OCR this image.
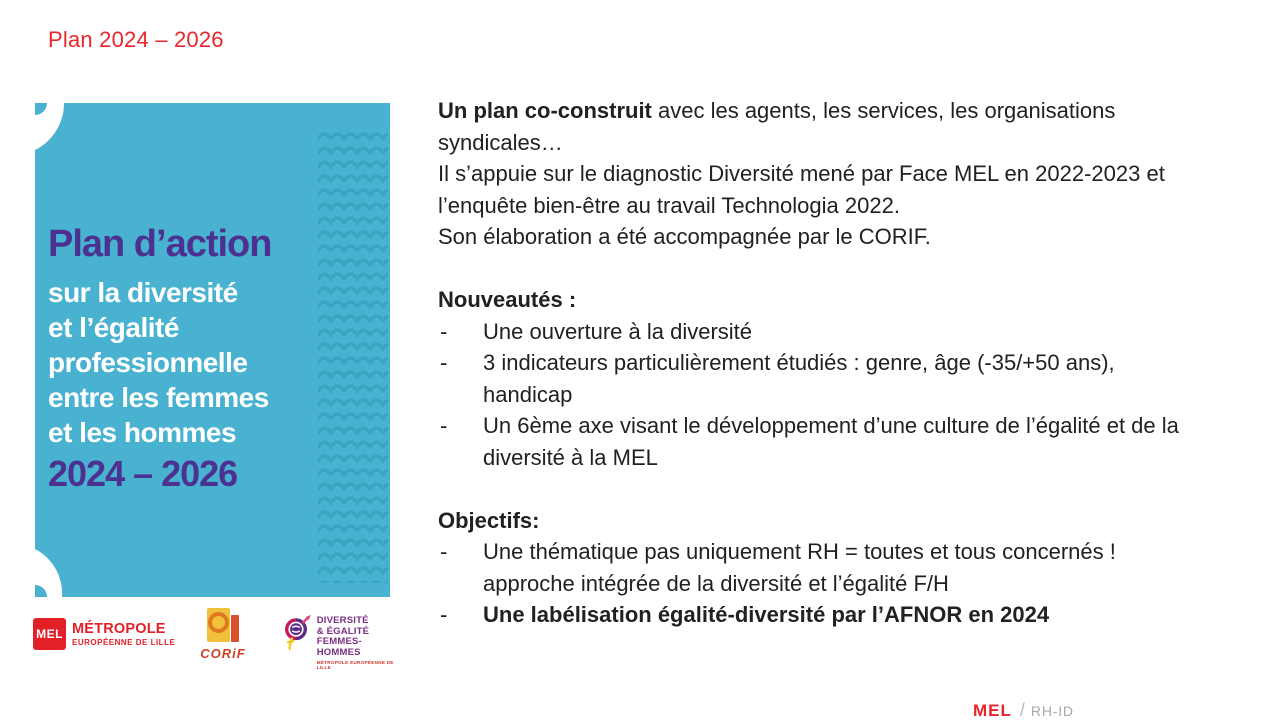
Plan 2024 – 2026
Plan d’action
sur la diversité
et l’égalité
professionnelle
entre les femmes
et les hommes
2024 – 2026
MEL MÉTROPOLE
EUROPÉENNE DE LILLE
CORiF
DIVERSITÉ
& ÉGALITÉ
FEMMES-HOMMES
MÉTROPOLE EUROPÉENNE DE LILLE
Un plan co-construit avec les agents, les services, les organisations
syndicales…
Il s’appuie sur le diagnostic Diversité mené par Face MEL en 2022-2023 et
l’enquête bien-être au travail Technologia 2022.
Son élaboration a été accompagnée par le CORIF.
Nouveautés :
- Une ouverture à la diversité
- 3 indicateurs particulièrement étudiés : genre, âge (-35/+50 ans),
handicap
- Un 6ème axe visant le développement d’une culture de l’égalité et de la
diversité à la MEL
Objectifs:
- Une thématique pas uniquement RH = toutes et tous concernés !
approche intégrée de la diversité et l’égalité F/H
- Une labélisation égalité-diversité par l’AFNOR en 2024
MEL / RH-ID
